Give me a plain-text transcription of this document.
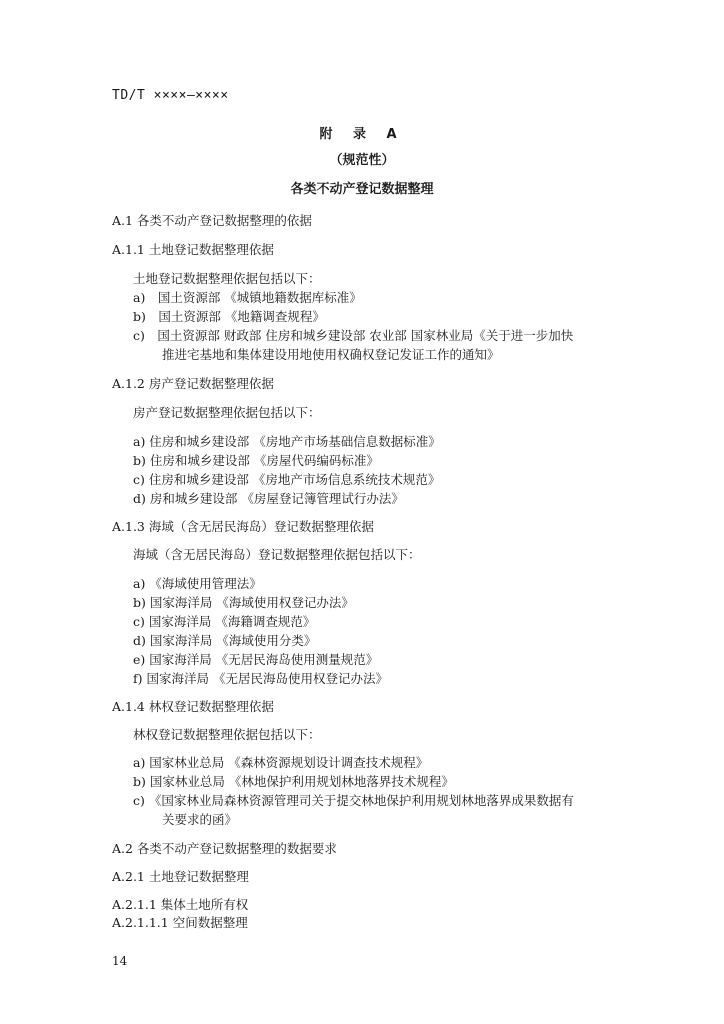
TD/T ××××—××××
附 录 A
（规范性）
各类不动产登记数据整理
A.1 各类不动产登记数据整理的依据
A.1.1 土地登记数据整理依据
土地登记数据整理依据包括以下：
a)　国土资源部 《城镇地籍数据库标准》
b)　国土资源部 《地籍调查规程》
c)　国土资源部 财政部 住房和城乡建设部 农业部 国家林业局《关于进一步加快
推进宅基地和集体建设用地使用权确权登记发证工作的通知》
A.1.2 房产登记数据整理依据
房产登记数据整理依据包括以下：
a) 住房和城乡建设部 《房地产市场基础信息数据标准》
b) 住房和城乡建设部 《房屋代码编码标准》
c) 住房和城乡建设部 《房地产市场信息系统技术规范》
d) 房和城乡建设部 《房屋登记簿管理试行办法》
A.1.3 海域（含无居民海岛）登记数据整理依据
海域（含无居民海岛）登记数据整理依据包括以下：
a) 《海域使用管理法》
b) 国家海洋局 《海域使用权登记办法》
c) 国家海洋局 《海籍调查规范》
d) 国家海洋局 《海域使用分类》
e) 国家海洋局 《无居民海岛使用测量规范》
f) 国家海洋局 《无居民海岛使用权登记办法》
A.1.4 林权登记数据整理依据
林权登记数据整理依据包括以下：
a) 国家林业总局 《森林资源规划设计调查技术规程》
b) 国家林业总局 《林地保护利用规划林地落界技术规程》
c) 《国家林业局森林资源管理司关于提交林地保护利用规划林地落界成果数据有
关要求的函》
A.2 各类不动产登记数据整理的数据要求
A.2.1 土地登记数据整理
A.2.1.1 集体土地所有权
A.2.1.1.1 空间数据整理
14
